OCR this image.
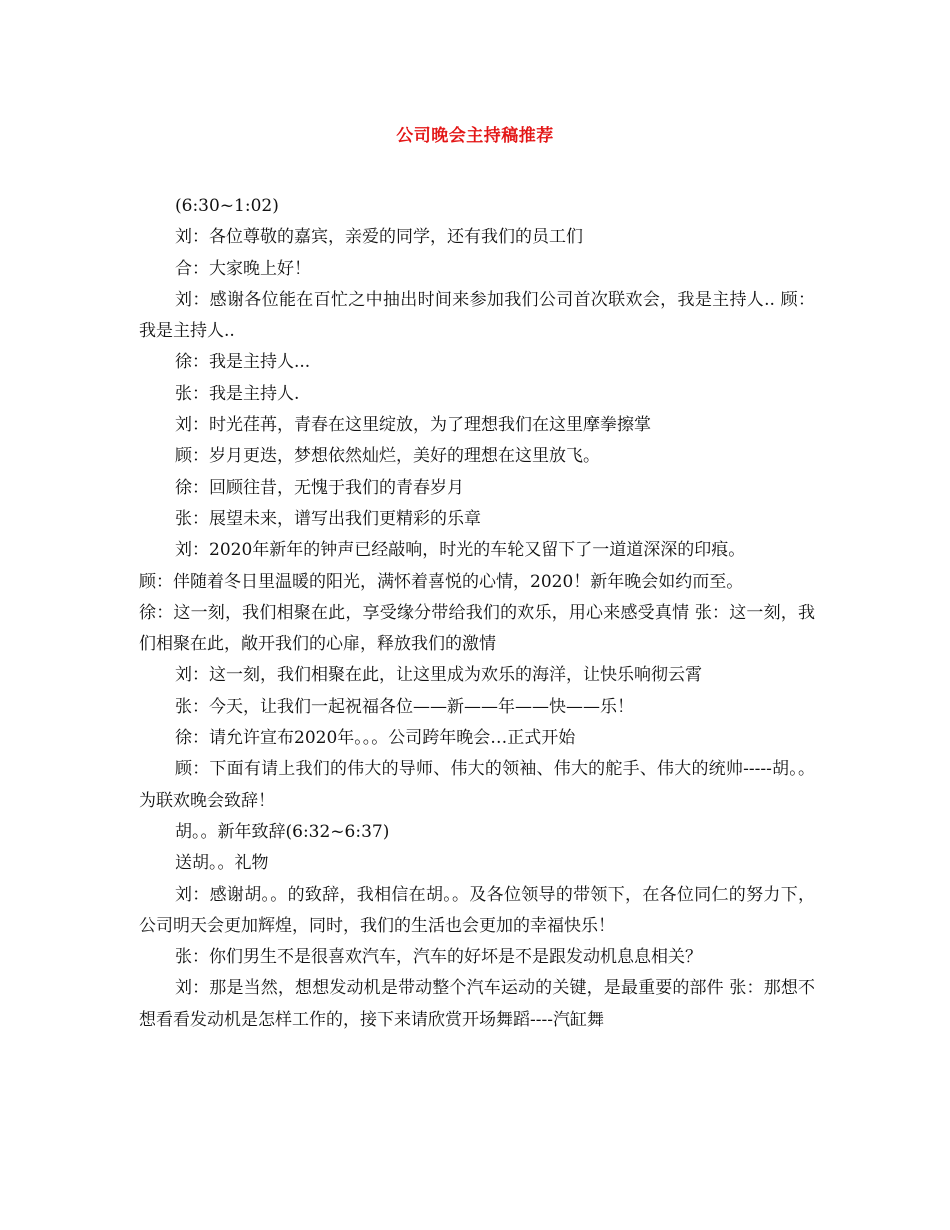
公司晚会主持稿推荐

(6:30~1:02)

刘：各位尊敬的嘉宾，亲爱的同学，还有我们的员工们

合：大家晚上好！

刘：感谢各位能在百忙之中抽出时间来参加我们公司首次联欢会，我是主持人.. 顾：我是主持人..

徐：我是主持人...

张：我是主持人.

刘：时光荏苒，青春在这里绽放，为了理想我们在这里摩拳擦掌

顾：岁月更迭，梦想依然灿烂，美好的理想在这里放飞。

徐：回顾往昔，无愧于我们的青春岁月

张：展望未来，谱写出我们更精彩的乐章

刘：2020年新年的钟声已经敲响，时光的车轮又留下了一道道深深的印痕。

顾：伴随着冬日里温暖的阳光，满怀着喜悦的心情，2020！新年晚会如约而至。

徐：这一刻，我们相聚在此，享受缘分带给我们的欢乐，用心来感受真情 张：这一刻，我们相聚在此，敞开我们的心扉，释放我们的激情

刘：这一刻，我们相聚在此，让这里成为欢乐的海洋，让快乐响彻云霄

张：今天，让我们一起祝福各位——新——年——快——乐！

徐：请允许宣布2020年。。。公司跨年晚会…正式开始

顾：下面有请上我们的伟大的导师、伟大的领袖、伟大的舵手、伟大的统帅-----胡。。为联欢晚会致辞！

胡。。新年致辞(6:32~6:37)

送胡。。礼物

刘：感谢胡。。的致辞，我相信在胡。。及各位领导的带领下，在各位同仁的努力下，公司明天会更加辉煌，同时，我们的生活也会更加的幸福快乐！

张：你们男生不是很喜欢汽车，汽车的好坏是不是跟发动机息息相关？

刘：那是当然，想想发动机是带动整个汽车运动的关键，是最重要的部件 张：那想不想看看发动机是怎样工作的，接下来请欣赏开场舞蹈----汽缸舞
